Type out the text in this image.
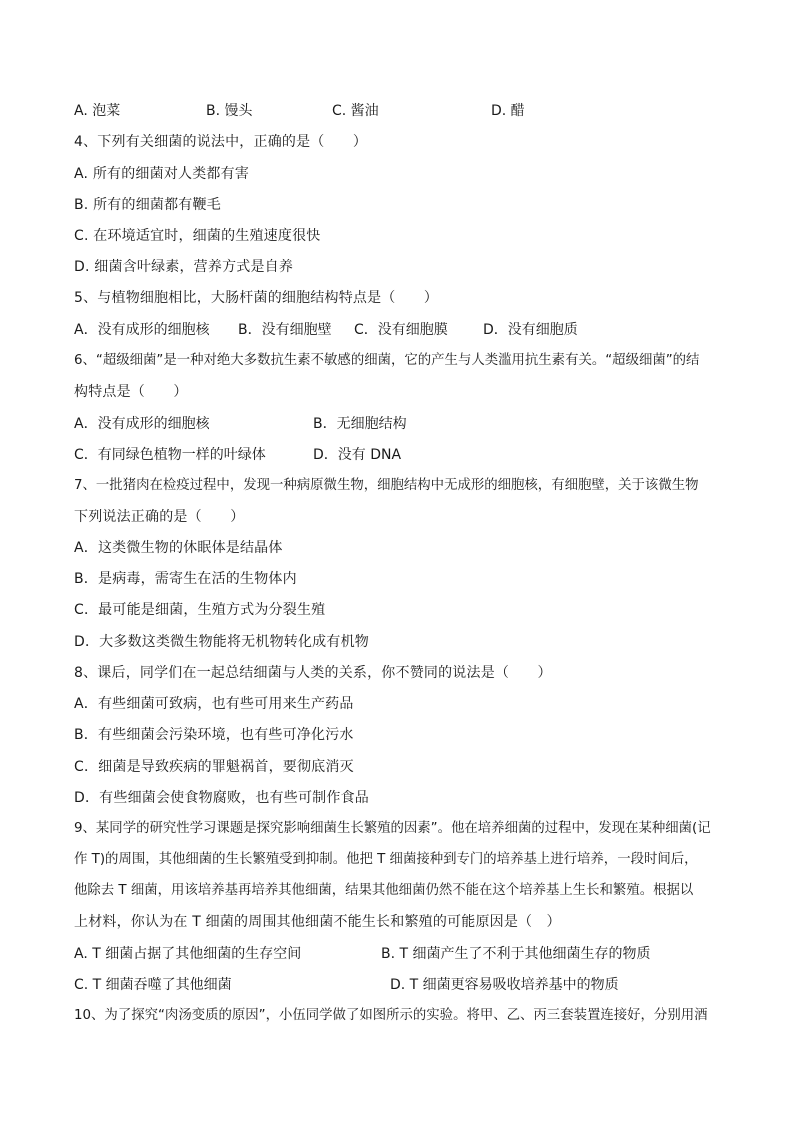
A. 泡菜	B. 馒头	C. 酱油	D. 醋
4、下列有关细菌的说法中，正确的是（　　）
A. 所有的细菌对人类都有害
B. 所有的细菌都有鞭毛
C. 在环境适宜时，细菌的生殖速度很快
D. 细菌含叶绿素，营养方式是自养
5、与植物细胞相比，大肠杆菌的细胞结构特点是（　　）
A．没有成形的细胞核 B．没有细胞壁 C．没有细胞膜	D．没有细胞质
6、“超级细菌”是一种对绝大多数抗生素不敏感的细菌，它的产生与人类滥用抗生素有关。“超级细菌”的结
构特点是（　　）
A．没有成形的细胞核	B．无细胞结构
C．有同绿色植物一样的叶绿体	D．没有 DNA
7、一批猪肉在检疫过程中，发现一种病原微生物，细胞结构中无成形的细胞核，有细胞壁，关于该微生物
下列说法正确的是（　　）
A．这类微生物的休眠体是结晶体
B．是病毒，需寄生在活的生物体内
C．最可能是细菌，生殖方式为分裂生殖
D．大多数这类微生物能将无机物转化成有机物
8、课后，同学们在一起总结细菌与人类的关系，你不赞同的说法是（　　）
A．有些细菌可致病，也有些可用来生产药品
B．有些细菌会污染环境，也有些可净化污水
C．细菌是导致疾病的罪魁祸首，要彻底消灭
D．有些细菌会使食物腐败，也有些可制作食品
9、某同学的研究性学习课题是探究影响细菌生长繁殖的因素”。他在培养细菌的过程中，发现在某种细菌(记
作 T)的周围，其他细菌的生长繁殖受到抑制。他把 T 细菌接种到专门的培养基上进行培养，一段时间后，
他除去 T 细菌，用该培养基再培养其他细菌，结果其他细菌仍然不能在这个培养基上生长和繁殖。根据以
上材料，你认为在 T 细菌的周围其他细菌不能生长和繁殖的可能原因是（　）
A. T 细菌占据了其他细菌的生存空间	B. T 细菌产生了不利于其他细菌生存的物质
C. T 细菌吞噬了其他细菌	D. T 细菌更容易吸收培养基中的物质
10、为了探究“肉汤变质的原因”，小伍同学做了如图所示的实验。将甲、乙、丙三套装置连接好，分别用酒
